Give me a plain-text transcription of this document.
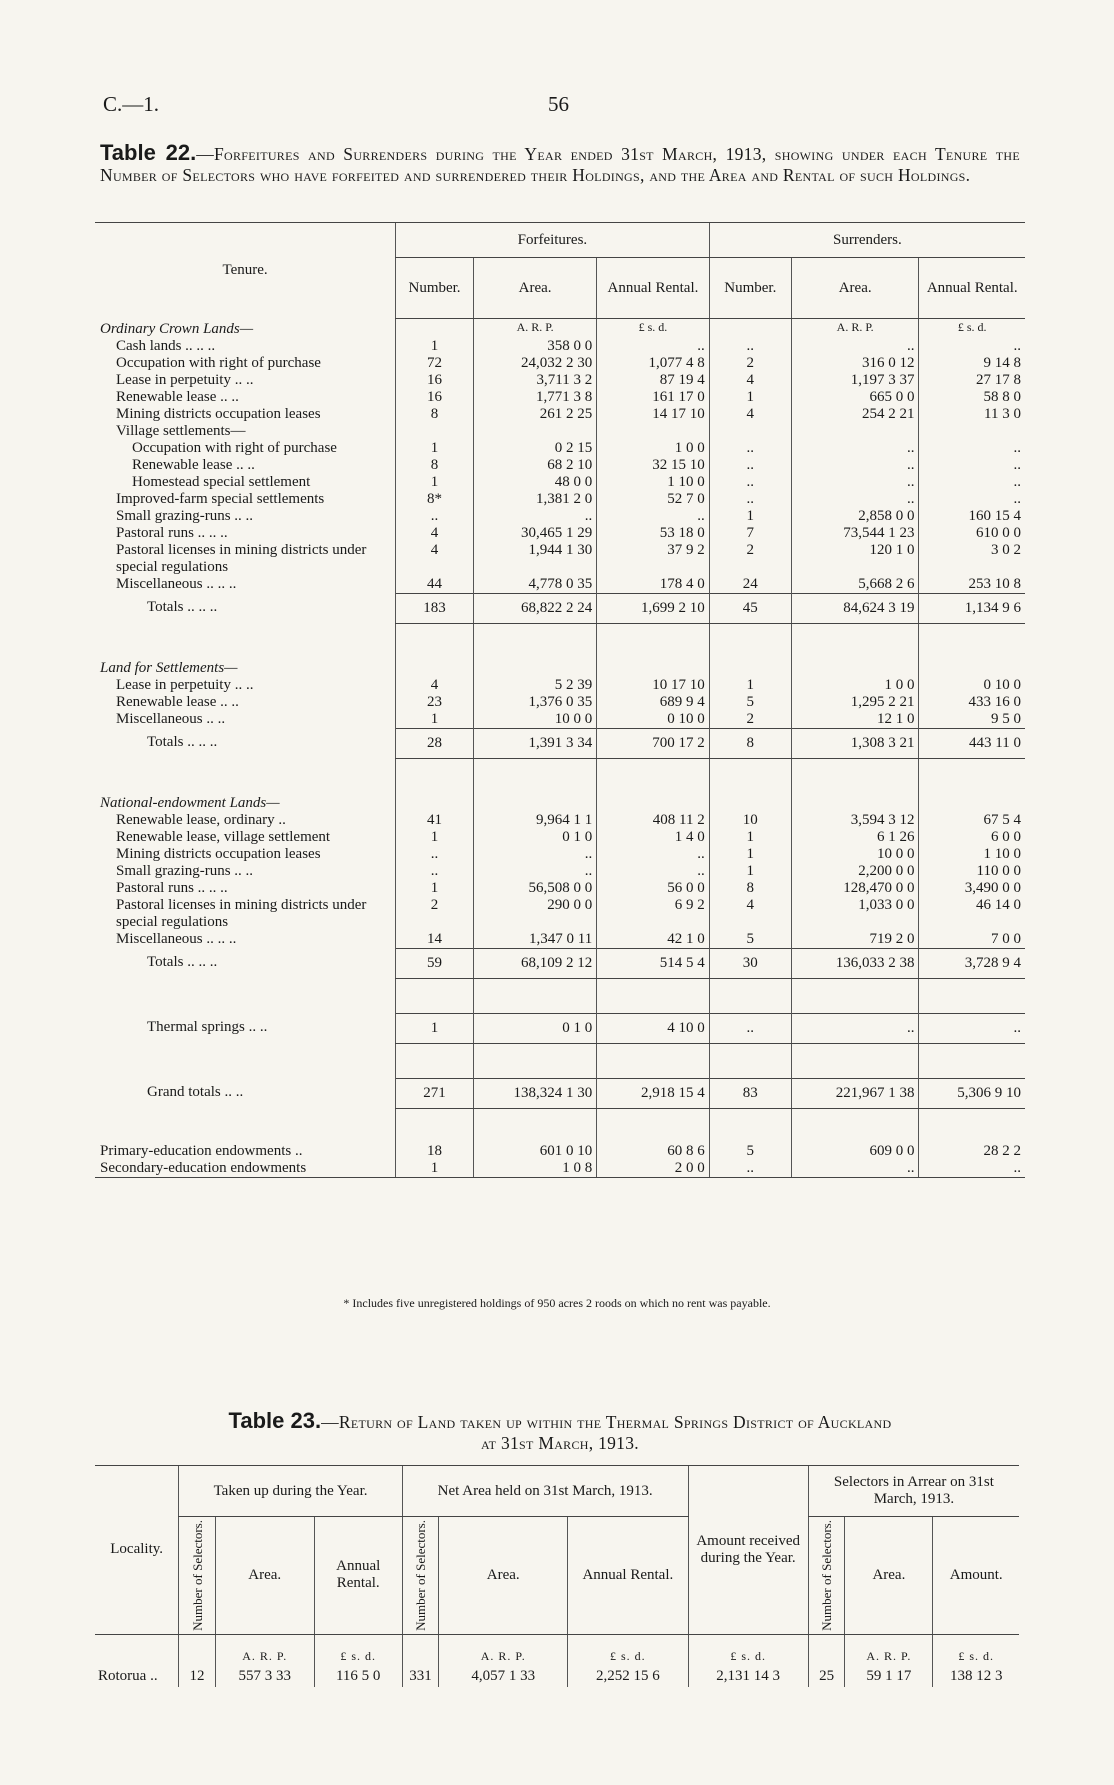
C.—1.	56
Table 22.—Forfeitures and Surrenders during the Year ended 31st March, 1913, showing under each Tenure the Number of Selectors who have forfeited and surrendered their Holdings, and the Area and Rental of such Holdings.
Tenure.	Forfeitures.			Surrenders.		
	Number.	Area.	Annual Rental.	Number.	Area.	Annual Rental.
Ordinary Crown Lands—		A. R. P.	£ s. d.		A. R. P.	£ s. d.
Cash lands .. .. ..	1	358 0 0	..	..	..	..
Occupation with right of purchase	72	24,032 2 30	1,077 4 8	2	316 0 12	9 14 8
Lease in perpetuity .. ..	16	3,711 3 2	87 19 4	4	1,197 3 37	27 17 8
Renewable lease .. ..	16	1,771 3 8	161 17 0	1	665 0 0	58 8 0
Mining districts occupation leases	8	261 2 25	14 17 10	4	254 2 21	11 3 0
Village settlements—						
Occupation with right of purchase	1	0 2 15	1 0 0	..	..	..
Renewable lease .. ..	8	68 2 10	32 15 10	..	..	..
Homestead special settlement	1	48 0 0	1 10 0	..	..	..
Improved-farm special settlements	8*	1,381 2 0	52 7 0	..	..	..
Small grazing-runs .. ..	..	..	..	1	2,858 0 0	160 15 4
Pastoral runs .. .. ..	4	30,465 1 29	53 18 0	7	73,544 1 23	610 0 0
Pastoral licenses in mining districts under special regulations	4	1,944 1 30	37 9 2	2	120 1 0	3 0 2
Miscellaneous .. .. ..	44	4,778 0 35	178 4 0	24	5,668 2 6	253 10 8
Totals .. .. ..	183	68,822 2 24	1,699 2 10	45	84,624 3 19	1,134 9 6

Land for Settlements—						
Lease in perpetuity .. ..	4	5 2 39	10 17 10	1	1 0 0	0 10 0
Renewable lease .. ..	23	1,376 0 35	689 9 4	5	1,295 2 21	433 16 0
Miscellaneous .. ..	1	10 0 0	0 10 0	2	12 1 0	9 5 0
Totals .. .. ..	28	1,391 3 34	700 17 2	8	1,308 3 21	443 11 0

National-endowment Lands—						
Renewable lease, ordinary ..	41	9,964 1 1	408 11 2	10	3,594 3 12	67 5 4
Renewable lease, village settlement	1	0 1 0	1 4 0	1	6 1 26	6 0 0
Mining districts occupation leases	..	..	..	1	10 0 0	1 10 0
Small grazing-runs .. ..	..	..	..	1	2,200 0 0	110 0 0
Pastoral runs .. .. ..	1	56,508 0 0	56 0 0	8	128,470 0 0	3,490 0 0
Pastoral licenses in mining districts under special regulations	2	290 0 0	6 9 2	4	1,033 0 0	46 14 0
Miscellaneous .. .. ..	14	1,347 0 11	42 1 0	5	719 2 0	7 0 0
Totals .. .. ..	59	68,109 2 12	514 5 4	30	136,033 2 38	3,728 9 4

Thermal springs .. ..	1	0 1 0	4 10 0	..	..	..

Grand totals .. ..	271	138,324 1 30	2,918 15 4	83	221,967 1 38	5,306 9 10

Primary-education endowments ..	18	601 0 10	60 8 6	5	609 0 0	28 2 2
Secondary-education endowments	1	1 0 8	2 0 0	..	..	..
* Includes five unregistered holdings of 950 acres 2 roods on which no rent was payable.
Table 23.—Return of Land taken up within the Thermal Springs District of Auckland
at 31st March, 1913.
Locality.	Taken up during the Year.			Net Area held on 31st March, 1913.			Amount received during the Year.	Selectors in Arrear on 31st March, 1913.		

	Number of Selectors.	Area.	Annual Rental.	Number of Selectors.	Area.	Annual Rental.		Number of Selectors.	Area.	Amount.
		A. R. P.	£ s. d.		A. R. P.	£ s. d.	£ s. d.		A. R. P.	£ s. d.
Rotorua ..	12	557 3 33	116 5 0	331	4,057 1 33	2,252 15 6	2,131 14 3	25	59 1 17	138 12 3
